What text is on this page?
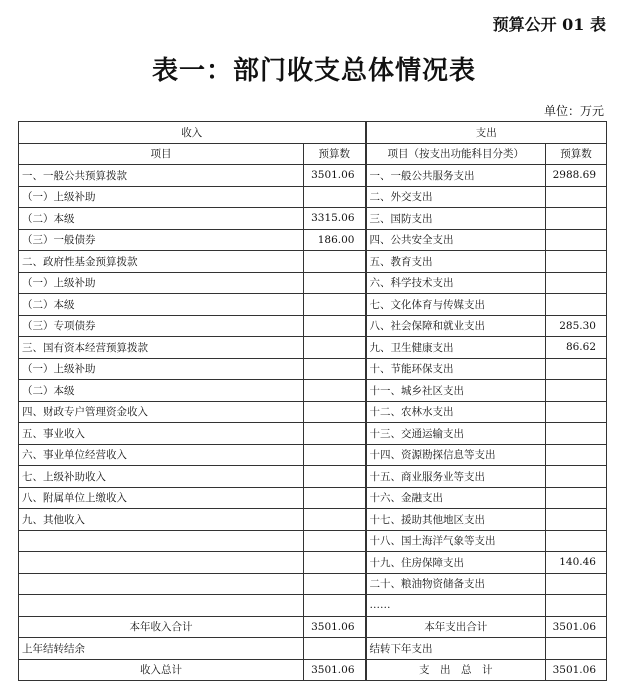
预算公开 01 表
表一：部门收支总体情况表
单位：万元
收入		支出	
项目	预算数	项目（按支出功能科目分类）	预算数
一、一般公共预算拨款	3501.06	一、一般公共服务支出	2988.69
（一）上级补助		二、外交支出	
（二）本级	3315.06	三、国防支出	
（三）一般债券	186.00	四、公共安全支出	
二、政府性基金预算拨款		五、教育支出	
（一）上级补助		六、科学技术支出	
（二）本级		七、文化体育与传媒支出	
（三）专项债券		八、社会保障和就业支出	285.30
三、国有资本经营预算拨款		九、卫生健康支出	86.62
（一）上级补助		十、节能环保支出	
（二）本级		十一、城乡社区支出	
四、财政专户管理资金收入		十二、农林水支出	
五、事业收入		十三、交通运输支出	
六、事业单位经营收入		十四、资源勘探信息等支出	
七、上级补助收入		十五、商业服务业等支出	
八、附属单位上缴收入		十六、金融支出	
九、其他收入		十七、援助其他地区支出	
		十八、国土海洋气象等支出	
		十九、住房保障支出	140.46
		二十、粮油物资储备支出	
		……	
本年收入合计	3501.06	本年支出合计	3501.06
上年结转结余		结转下年支出	
收入总计	3501.06	支　出　总　计	3501.06
